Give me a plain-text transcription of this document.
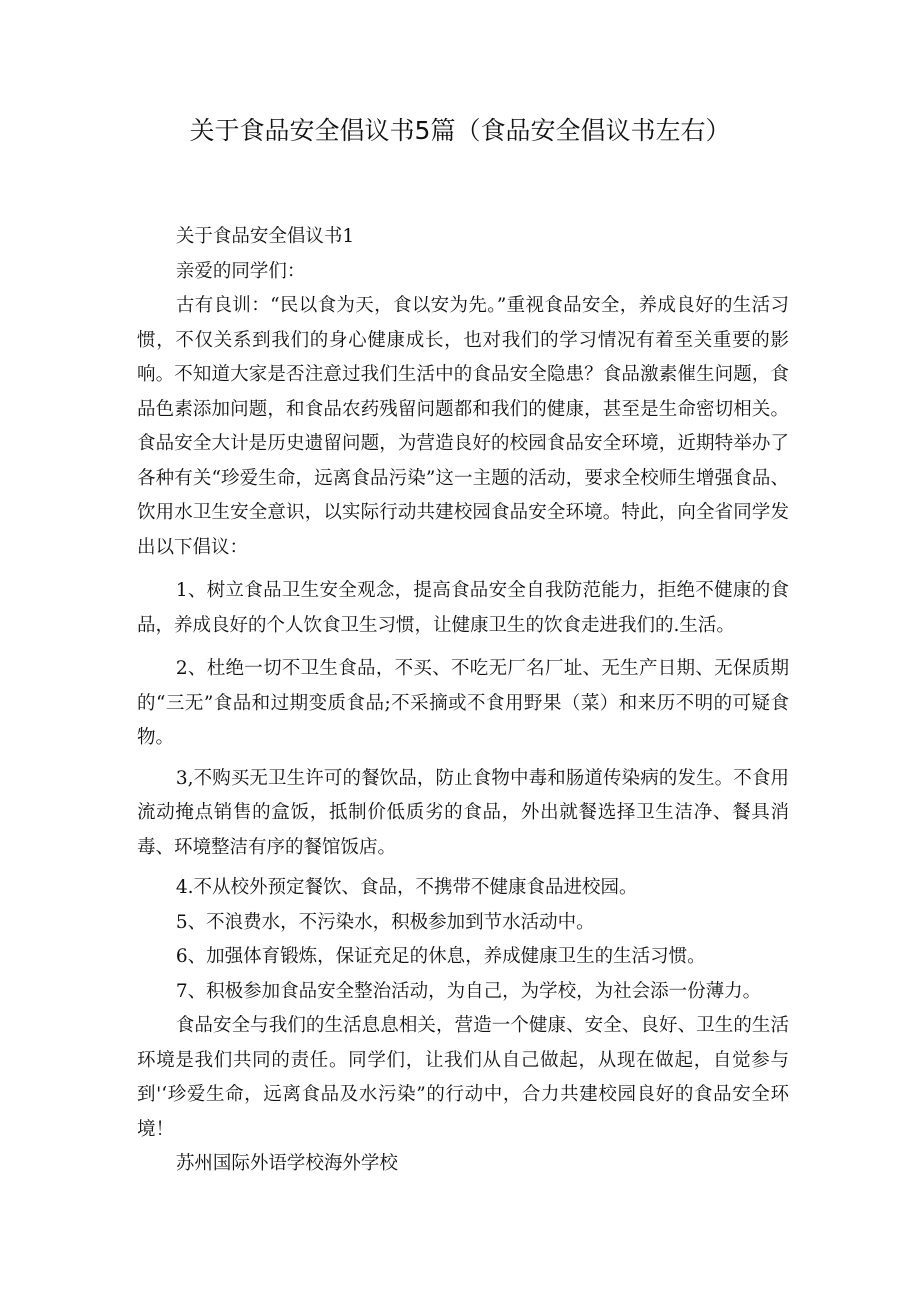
关于食品安全倡议书5篇（食品安全倡议书左右）

关于食品安全倡议书1

亲爱的同学们：

古有良训：“民以食为天，食以安为先。”重视食品安全，养成良好的生活习惯，不仅关系到我们的身心健康成长，也对我们的学习情况有着至关重要的影响。不知道大家是否注意过我们生活中的食品安全隐患？食品激素催生问题，食品色素添加问题，和食品农药残留问题都和我们的健康，甚至是生命密切相关。食品安全大计是历史遗留问题，为营造良好的校园食品安全环境，近期特举办了各种有关“珍爱生命，远离食品污染”这一主题的活动，要求全校师生增强食品、饮用水卫生安全意识，以实际行动共建校园食品安全环境。特此，向全省同学发出以下倡议：

1、树立食品卫生安全观念，提高食品安全自我防范能力，拒绝不健康的食品，养成良好的个人饮食卫生习惯，让健康卫生的饮食走进我们的.生活。

2、杜绝一切不卫生食品，不买、不吃无厂名厂址、无生产日期、无保质期的“三无”食品和过期变质食品;不采摘或不食用野果（菜）和来历不明的可疑食物。

3,不购买无卫生许可的餐饮品，防止食物中毒和肠道传染病的发生。不食用流动掩点销售的盒饭，抵制价低质劣的食品，外出就餐选择卫生洁净、餐具消毒、环境整洁有序的餐馆饭店。

4.不从校外预定餐饮、食品，不携带不健康食品进校园。

5、不浪费水，不污染水，积极参加到节水活动中。

6、加强体育锻炼，保证充足的休息，养成健康卫生的生活习惯。

7、积极参加食品安全整治活动，为自己，为学校，为社会添一份薄力。

食品安全与我们的生活息息相关，营造一个健康、安全、良好、卫生的生活环境是我们共同的责任。同学们，让我们从自己做起，从现在做起，自觉参与到'‘珍爱生命，远离食品及水污染”的行动中，合力共建校园良好的食品安全环境！

苏州国际外语学校海外学校
